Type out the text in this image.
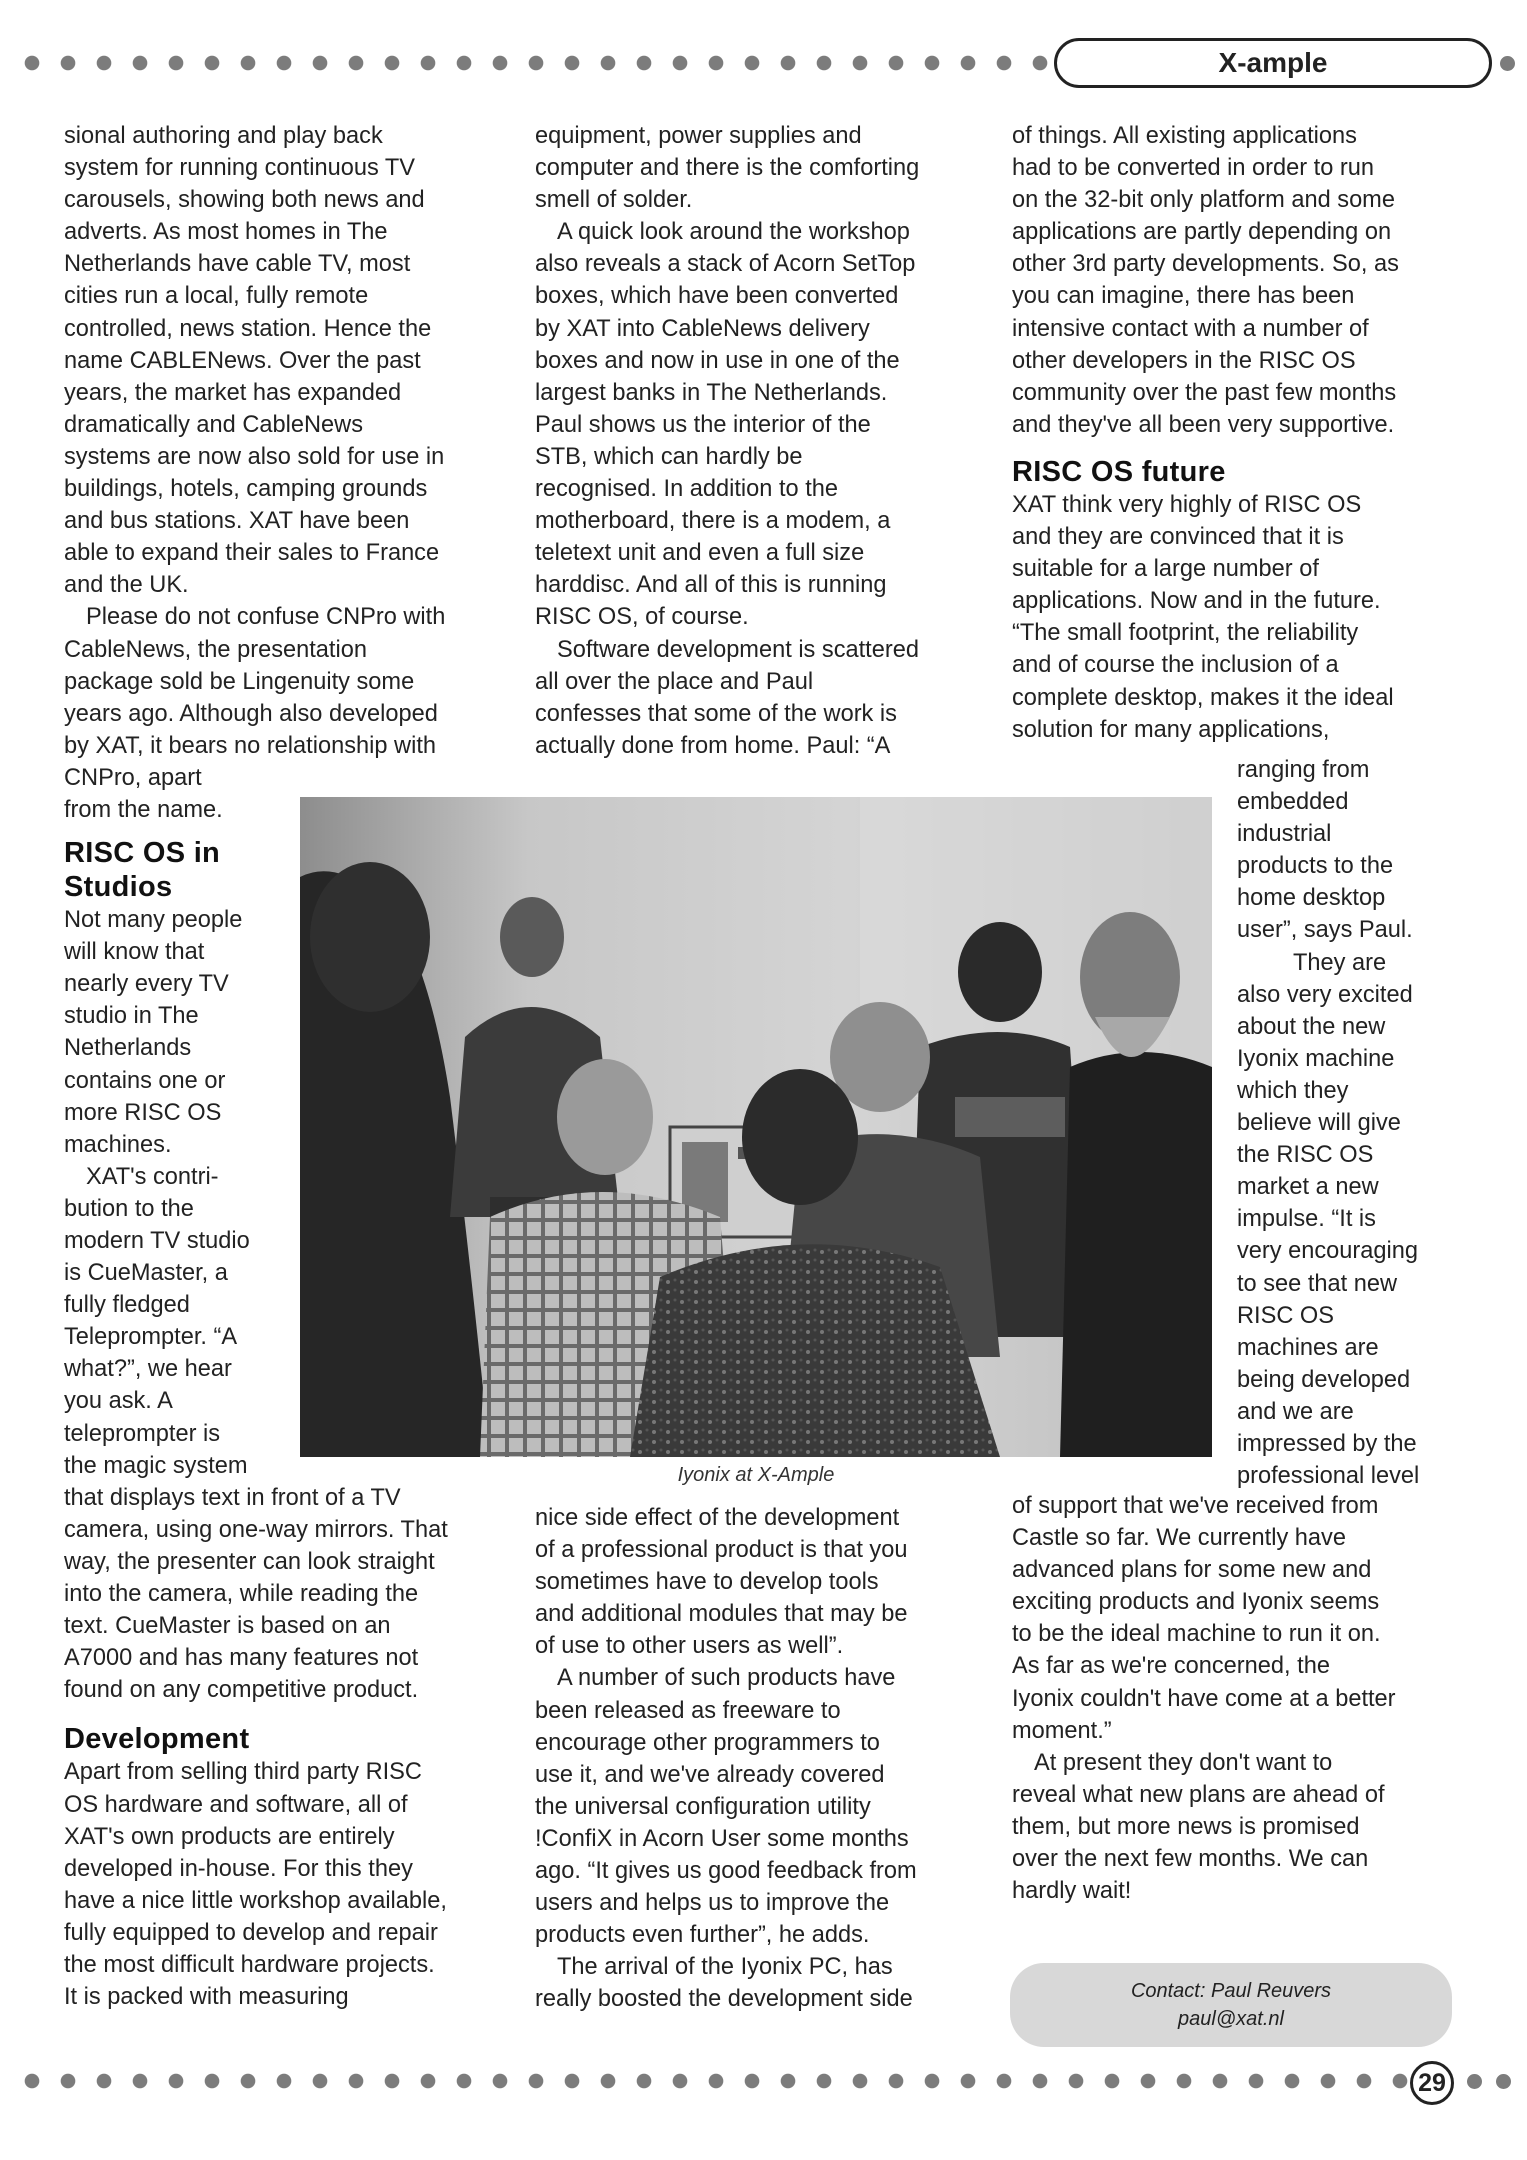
X-ample

sional authoring and play back
system for running continuous TV
carousels, showing both news and
adverts. As most homes in The
Netherlands have cable TV, most
cities run a local, fully remote
controlled, news station. Hence the
name CABLENews. Over the past
years, the market has expanded
dramatically and CableNews
systems are now also sold for use in
buildings, hotels, camping grounds
and bus stations. XAT have been
able to expand their sales to France
and the UK.

Please do not confuse CNPro with
CableNews, the presentation
package sold be Lingenuity some
years ago. Although also developed
by XAT, it bears no relationship with
CNPro, apart
from the name.

RISC OS in
Studios

Not many people
will know that
nearly every TV
studio in The
Netherlands
contains one or
more RISC OS
machines.

XAT's contri-
bution to the
modern TV studio
is CueMaster, a
fully fledged
Teleprompter. “A
what?”, we hear
you ask. A
teleprompter is
the magic system
that displays text in front of a TV
camera, using one-way mirrors. That
way, the presenter can look straight
into the camera, while reading the
text. CueMaster is based on an
A7000 and has many features not
found on any competitive product.

Development

Apart from selling third party RISC
OS hardware and software, all of
XAT's own products are entirely
developed in-house. For this they
have a nice little workshop available,
fully equipped to develop and repair
the most difficult hardware projects.
It is packed with measuring

equipment, power supplies and
computer and there is the comforting
smell of solder.

A quick look around the workshop
also reveals a stack of Acorn SetTop
boxes, which have been converted
by XAT into CableNews delivery
boxes and now in use in one of the
largest banks in The Netherlands.
Paul shows us the interior of the
STB, which can hardly be
recognised. In addition to the
motherboard, there is a modem, a
teletext unit and even a full size
harddisc. And all of this is running
RISC OS, of course.

Software development is scattered
all over the place and Paul
confesses that some of the work is
actually done from home. Paul: “A

nice side effect of the development
of a professional product is that you
sometimes have to develop tools
and additional modules that may be
of use to other users as well”.

A number of such products have
been released as freeware to
encourage other programmers to
use it, and we've already covered
the universal configuration utility
!ConfiX in Acorn User some months
ago. “It gives us good feedback from
users and helps us to improve the
products even further”, he adds.

The arrival of the Iyonix PC, has
really boosted the development side

of things. All existing applications
had to be converted in order to run
on the 32-bit only platform and some
applications are partly depending on
other 3rd party developments. So, as
you can imagine, there has been
intensive contact with a number of
other developers in the RISC OS
community over the past few months
and they've all been very supportive.

RISC OS future

XAT think very highly of RISC OS
and they are convinced that it is
suitable for a large number of
applications. Now and in the future.
“The small footprint, the reliability
and of course the inclusion of a
complete desktop, makes it the ideal
solution for many applications,

ranging from
embedded
industrial
products to the
home desktop
user”, says Paul.

They are
also very excited
about the new
Iyonix machine
which they
believe will give
the RISC OS
market a new
impulse. “It is
very encouraging
to see that new
RISC OS
machines are
being developed
and we are
impressed by the
professional level

of support that we've received from
Castle so far. We currently have
advanced plans for some new and
exciting products and Iyonix seems
to be the ideal machine to run it on.
As far as we're concerned, the
Iyonix couldn't have come at a better
moment.”

At present they don't want to
reveal what new plans are ahead of
them, but more news is promised
over the next few months. We can
hardly wait!

Iyonix at X-Ample
Contact: Paul Reuvers
paul@xat.nl
29
